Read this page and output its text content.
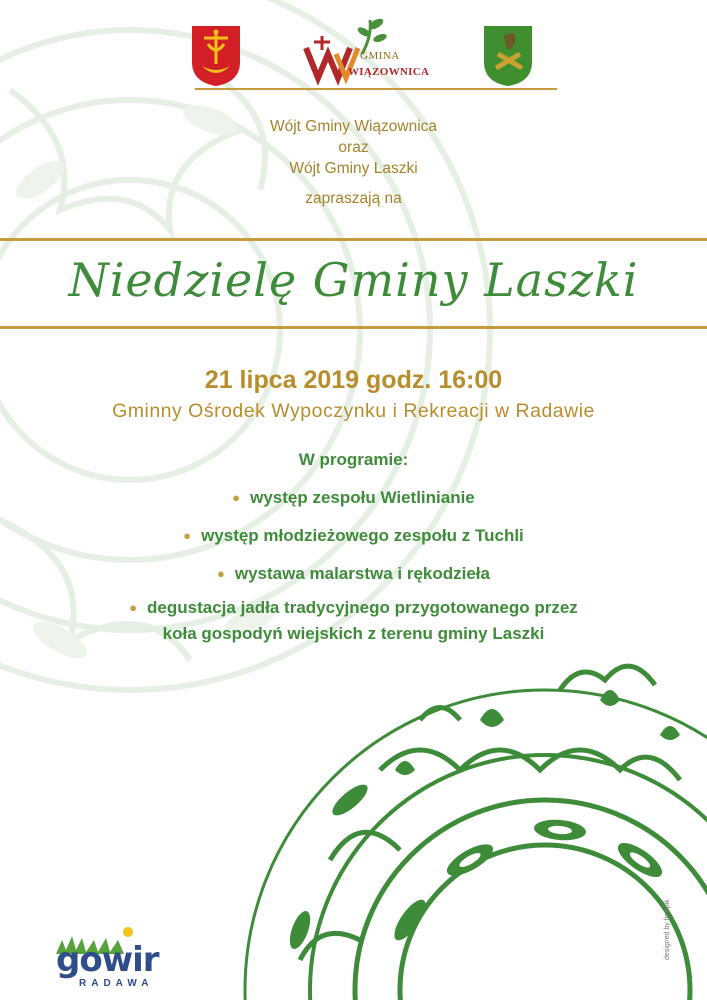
GMINA
WIĄZOWNICA
Wójt Gminy Wiązownica
oraz
Wójt Gminy Laszki
zapraszają na
Niedzielę Gminy Laszki
21 lipca 2019 godz. 16:00
Gminny Ośrodek Wypoczynku i Rekreacji w Radawie
W programie:
● występ zespołu Wietlinianie
● występ młodzieżowego zespołu z Tuchli
● wystawa malarstwa i rękodzieła
● degustacja jadła tradycyjnego przygotowanego przez
koła gospodyń wiejskich z terenu gminy Laszki
gowir
RADAWA
designed by freepik
